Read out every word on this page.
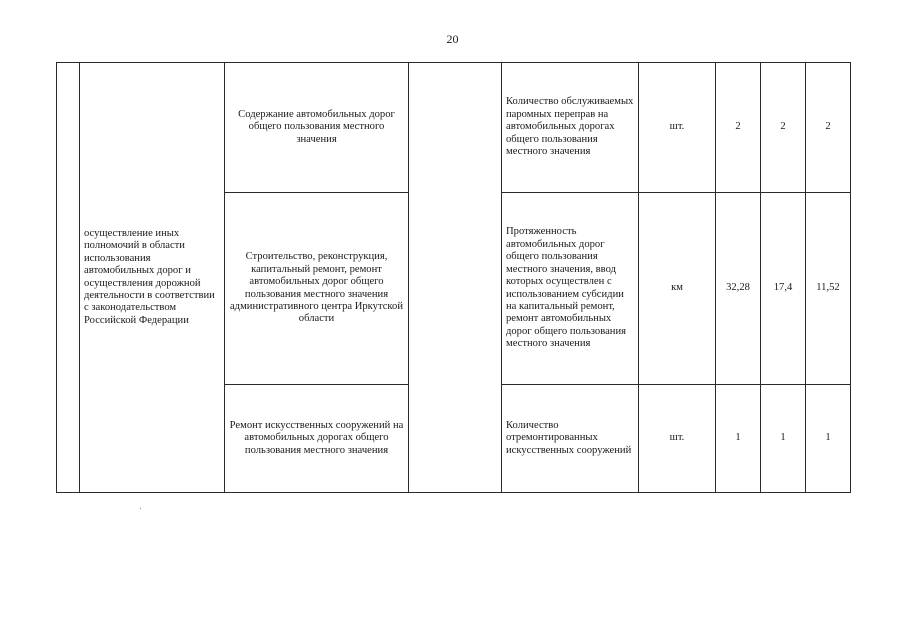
20
	осуществление иных полномочий в области использования автомобильных дорог и осуществления дорожной деятельности в соответствии с законодательством Российской Федерации	Содержание автомобильных дорог общего пользования местного значения		Количество обслуживаемых паромных переправ на автомобильных дорогах общего пользования местного значения	шт.	2	2	2
		Строительство, реконструкция, капитальный ремонт, ремонт автомобильных дорог общего пользования местного значения административного центра Иркутской области		Протяженность автомобильных дорог общего пользования местного значения, ввод которых осуществлен с использованием субсидии на капитальный ремонт, ремонт автомобильных дорог общего пользования местного значения	км	32,28	17,4	11,52
		Ремонт искусственных сооружений на автомобильных дорогах общего пользования местного значения		Количество отремонтированных искусственных сооружений	шт.	1	1	1
